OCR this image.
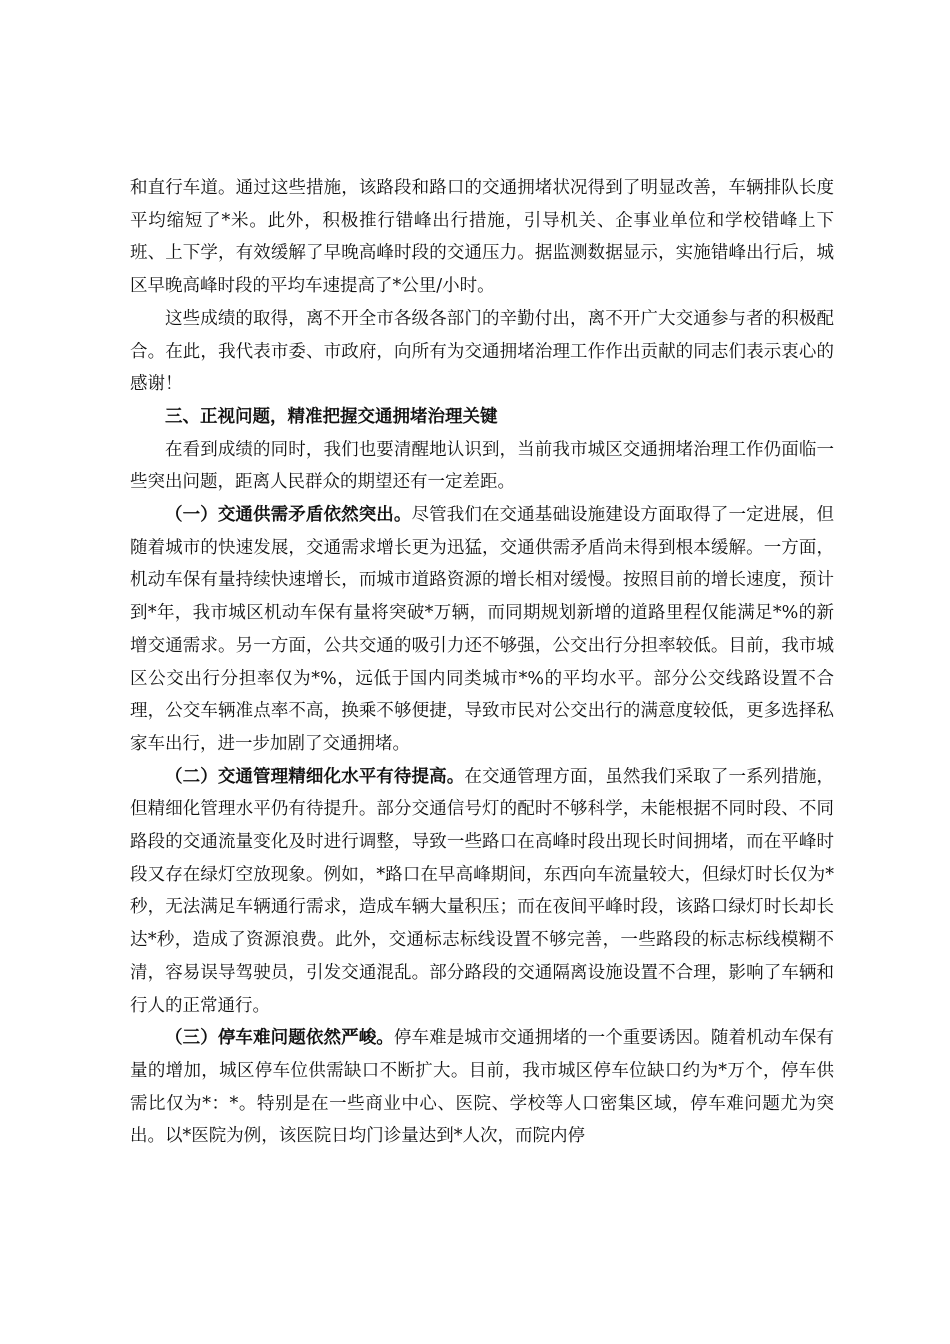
和直行车道。通过这些措施，该路段和路口的交通拥堵状况得到了明显改善，车辆排队长度平均缩短了*米。此外，积极推行错峰出行措施，引导机关、企事业单位和学校错峰上下班、上下学，有效缓解了早晚高峰时段的交通压力。据监测数据显示，实施错峰出行后，城区早晚高峰时段的平均车速提高了*公里/小时。

这些成绩的取得，离不开全市各级各部门的辛勤付出，离不开广大交通参与者的积极配合。在此，我代表市委、市政府，向所有为交通拥堵治理工作作出贡献的同志们表示衷心的感谢！

三、正视问题，精准把握交通拥堵治理关键

在看到成绩的同时，我们也要清醒地认识到，当前我市城区交通拥堵治理工作仍面临一些突出问题，距离人民群众的期望还有一定差距。

（一）交通供需矛盾依然突出。尽管我们在交通基础设施建设方面取得了一定进展，但随着城市的快速发展，交通需求增长更为迅猛，交通供需矛盾尚未得到根本缓解。一方面，机动车保有量持续快速增长，而城市道路资源的增长相对缓慢。按照目前的增长速度，预计到*年，我市城区机动车保有量将突破*万辆，而同期规划新增的道路里程仅能满足*%的新增交通需求。另一方面，公共交通的吸引力还不够强，公交出行分担率较低。目前，我市城区公交出行分担率仅为*%，远低于国内同类城市*%的平均水平。部分公交线路设置不合理，公交车辆准点率不高，换乘不够便捷，导致市民对公交出行的满意度较低，更多选择私家车出行，进一步加剧了交通拥堵。

（二）交通管理精细化水平有待提高。在交通管理方面，虽然我们采取了一系列措施，但精细化管理水平仍有待提升。部分交通信号灯的配时不够科学，未能根据不同时段、不同路段的交通流量变化及时进行调整，导致一些路口在高峰时段出现长时间拥堵，而在平峰时段又存在绿灯空放现象。例如，*路口在早高峰期间，东西向车流量较大，但绿灯时长仅为*秒，无法满足车辆通行需求，造成车辆大量积压；而在夜间平峰时段，该路口绿灯时长却长达*秒，造成了资源浪费。此外，交通标志标线设置不够完善，一些路段的标志标线模糊不清，容易误导驾驶员，引发交通混乱。部分路段的交通隔离设施设置不合理，影响了车辆和行人的正常通行。

（三）停车难问题依然严峻。停车难是城市交通拥堵的一个重要诱因。随着机动车保有量的增加，城区停车位供需缺口不断扩大。目前，我市城区停车位缺口约为*万个，停车供需比仅为*：*。特别是在一些商业中心、医院、学校等人口密集区域，停车难问题尤为突出。以*医院为例，该医院日均门诊量达到*人次，而院内停
